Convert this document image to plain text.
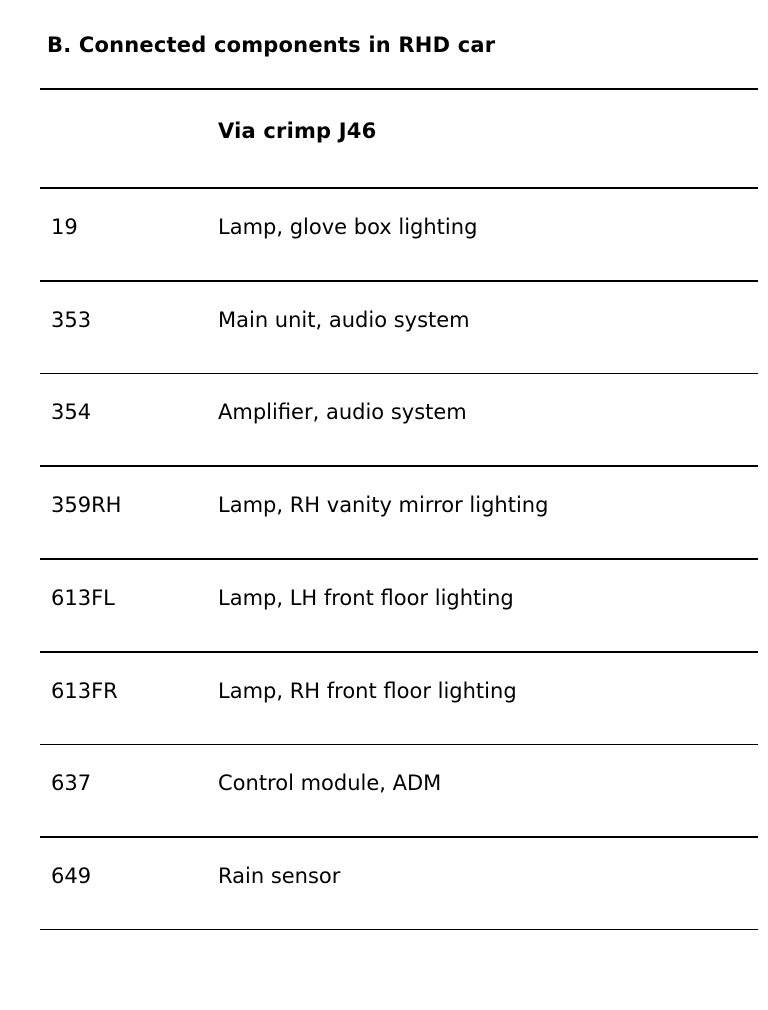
B. Connected components in RHD car
Via crimp J46
19	Lamp, glove box lighting
353	Main unit, audio system
354	Amplifier, audio system
359RH	Lamp, RH vanity mirror lighting
613FL	Lamp, LH front floor lighting
613FR	Lamp, RH front floor lighting
637	Control module, ADM
649	Rain sensor
